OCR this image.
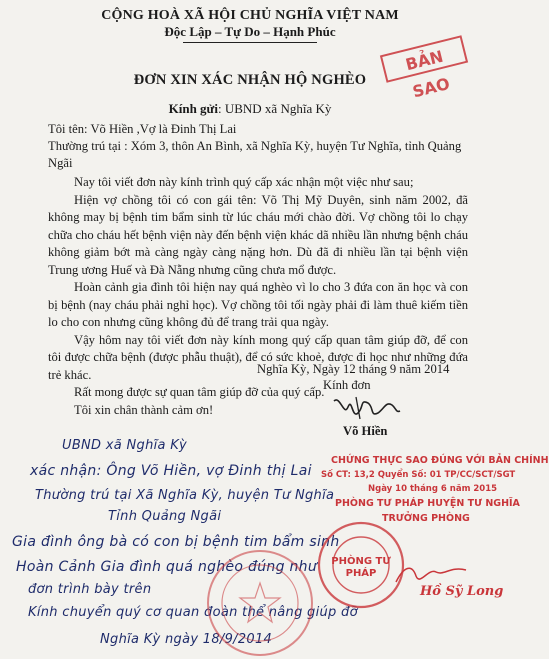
CỘNG HOÀ XÃ HỘI CHỦ NGHĨA VIỆT NAM
Độc Lập – Tự Do – Hạnh Phúc
BẢN SAO
ĐƠN XIN XÁC NHẬN HỘ NGHÈO
Kính gửi: UBND xã Nghĩa Kỳ
Tôi tên: Võ Hiền ,Vợ là Đinh Thị Lai
Thường trú tại : Xóm 3, thôn An Bình, xã Nghĩa Kỳ, huyện Tư Nghĩa, tỉnh Quảng
Ngãi

Nay tôi viết đơn này kính trình quý cấp xác nhận một việc như sau;

Hiện vợ chồng tôi có con gái tên: Võ Thị Mỹ Duyên, sinh năm 2002, đã không may bị bệnh tim bẩm sinh từ lúc cháu mới chào đời. Vợ chồng tôi lo chạy chữa cho cháu hết bệnh viện này đến bệnh viện khác dã nhiều lần nhưng bệnh cháu không giảm bớt mà càng ngày càng nặng hơn. Dù đã đi nhiều lần tại bệnh viện Trung ương Huế và Đà Nẵng nhưng cũng chưa mổ được.

Hoàn cảnh gia đình tôi hiện nay quá nghèo vì lo cho 3 đứa con ăn học và con bị bệnh (nay cháu phải nghỉ học). Vợ chồng tôi tối ngày phải đi làm thuê kiếm tiền lo cho con nhưng cũng không đủ để trang trải qua ngày.

Vậy hôm nay tôi viết đơn này kính mong quý cấp quan tâm giúp đỡ, để con tôi được chữa bệnh (được phẫu thuật), để có sức khoẻ, được đi học như những đứa trẻ khác.

Rất mong được sự quan tâm giúp đỡ của quý cấp.

Tôi xin chân thành cảm ơn!

Nghĩa Kỳ, Ngày 12 tháng 9 năm 2014
Kính đơn
Võ Hiền
UBND xã Nghĩa Kỳ
xác nhận: Ông Võ Hiền, vợ Đinh thị Lai
Thường trú tại Xã Nghĩa Kỳ, huyện Tư Nghĩa
Tỉnh Quảng Ngãi
Gia đình ông bà có con bị bệnh tim bẩm sinh
Hoàn Cảnh Gia đình quá nghèo đúng như
đơn trình bày trên
Kính chuyển quý cơ quan đoàn thể nâng giúp đỡ
Nghĩa Kỳ ngày 18/9/2014
CHỨNG THỰC SAO ĐÚNG VỚI BẢN CHÍNH
Số CT: 13,2 Quyển Số: 01 TP/CC/SCT/SGT
Ngày 10 tháng 6 năm 2015
PHÒNG TƯ PHÁP HUYỆN TƯ NGHĨA
TRƯỞNG PHÒNG
PHÒNG TƯ PHÁP
Hồ Sỹ Long
